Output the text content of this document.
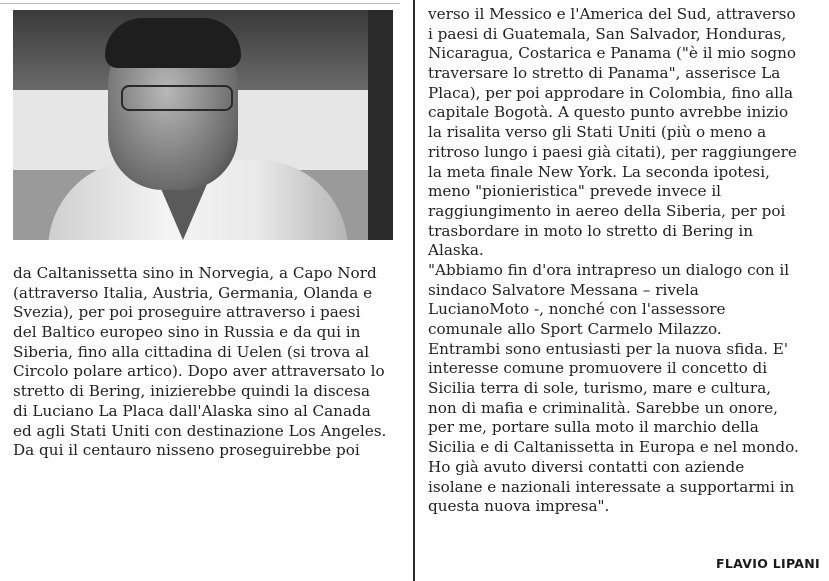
da Caltanissetta sino in Norvegia, a Capo Nord
(attraverso Italia, Austria, Germania, Olanda e
Svezia), per poi proseguire attraverso i paesi
del Baltico europeo sino in Russia e da qui in
Siberia, fino alla cittadina di Uelen (si trova al
Circolo polare artico). Dopo aver attraversato lo
stretto di Bering, inizierebbe quindi la discesa
di Luciano La Placa dall'Alaska sino al Canada
ed agli Stati Uniti con destinazione Los Angeles.
Da qui il centauro nisseno proseguirebbe poi
verso il Messico e l'America del Sud, attraverso
i paesi di Guatemala, San Salvador, Honduras,
Nicaragua, Costarica e Panama ("è il mio sogno
traversare lo stretto di Panama", asserisce La
Placa), per poi approdare in Colombia, fino alla
capitale Bogotà. A questo punto avrebbe inizio
la risalita verso gli Stati Uniti (più o meno a
ritroso lungo i paesi già citati), per raggiungere
la meta finale New York. La seconda ipotesi,
meno "pionieristica" prevede invece il
raggiungimento in aereo della Siberia, per poi
trasbordare in moto lo stretto di Bering in
Alaska.
"Abbiamo fin d'ora intrapreso un dialogo con il
sindaco Salvatore Messana – rivela
LucianoMoto -, nonché con l'assessore
comunale allo Sport Carmelo Milazzo.
Entrambi sono entusiasti per la nuova sfida. E'
interesse comune promuovere il concetto di
Sicilia terra di sole, turismo, mare e cultura,
non di mafia e criminalità. Sarebbe un onore,
per me, portare sulla moto il marchio della
Sicilia e di Caltanissetta in Europa e nel mondo.
Ho già avuto diversi contatti con aziende
isolane e nazionali interessate a supportarmi in
questa nuova impresa".
FLAVIO LIPANI
